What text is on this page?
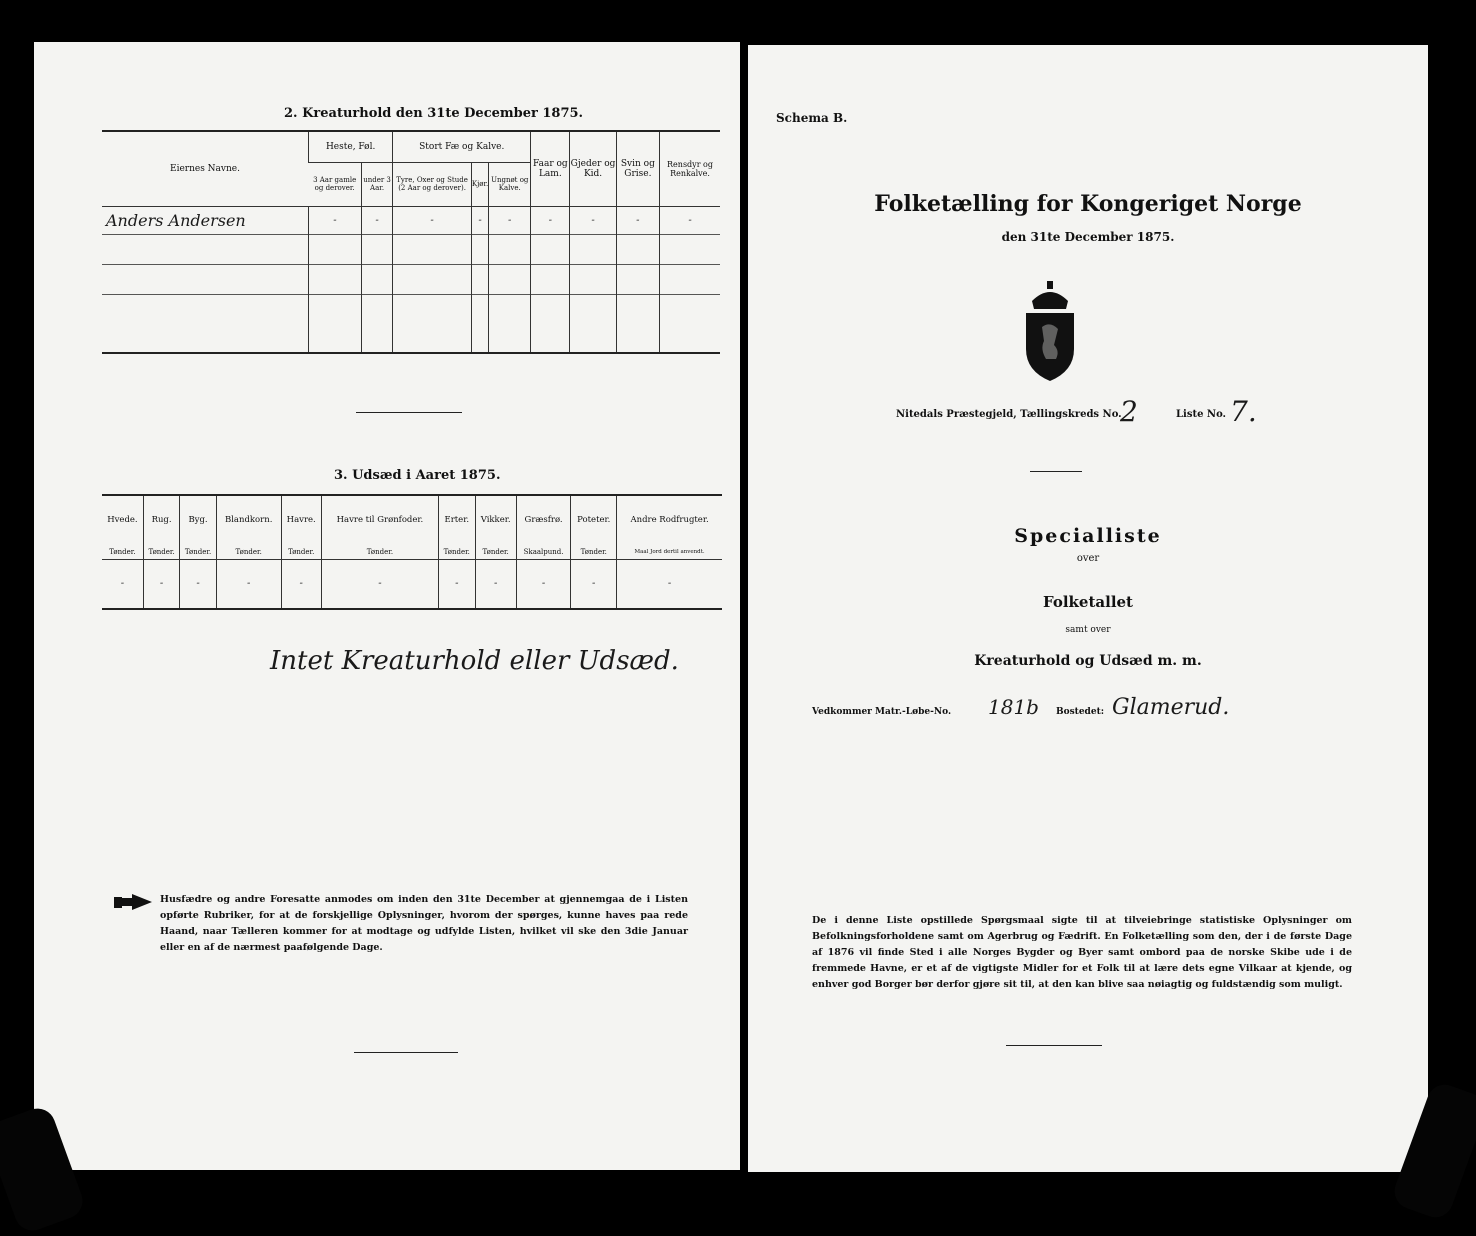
2. Kreaturhold den 31te December 1875.
Eiernes Navne.	Heste, Føl.		Stort Fæ og Kalve.			Faar og Lam.	Gjeder og Kid.	Svin og Grise.	Rensdyr og Renkalve.
	3 Aar gamle og derover.	under 3 Aar.	Tyre, Oxer og Stude (2 Aar og derover).	Kjør.	Ungnøt og Kalve.				
Anders Andersen	-	-	-	-	-	-	-	-	-

3. Udsæd i Aaret 1875.
Hvede.	Rug.	Byg.	Blandkorn.	Havre.	Havre til Grønfoder.	Erter.	Vikker.	Græsfrø.	Poteter.	Andre Rodfrugter.
Tønder.	Tønder.	Tønder.	Tønder.	Tønder.	Tønder.	Tønder.	Tønder.	Skaalpund.	Tønder.	Maal Jord dertil anvendt.
-	-	-	-	-	-	-	-	-	-	-
Intet Kreaturhold eller Udsæd.
Husfædre og andre Foresatte anmodes om inden den 31te December at gjennemgaa de i Listen opførte Rubriker, for at de forskjellige Oplysninger, hvorom der spørges, kunne haves paa rede Haand, naar Tælleren kommer for at modtage og udfylde Listen, hvilket vil ske den 3die Januar eller en af de nærmest paafølgende Dage.
Schema B.
Folketælling for Kongeriget Norge
den 31te December 1875.
Nitedals Præstegjeld, Tællingskreds No.
2	Liste No. 7.
Specialliste
over
Folketallet
samt over
Kreaturhold og Udsæd m. m.
Vedkommer Matr.-Løbe-No. 181b Bostedet: Glamerud.
De i denne Liste opstillede Spørgsmaal sigte til at tilveiebringe statistiske Oplysninger om Befolkningsforholdene samt om Agerbrug og Fædrift. En Folketælling som den, der i de første Dage af 1876 vil finde Sted i alle Norges Bygder og Byer samt ombord paa de norske Skibe ude i de fremmede Havne, er et af de vigtigste Midler for et Folk til at lære dets egne Vilkaar at kjende, og enhver god Borger bør derfor gjøre sit til, at den kan blive saa nøiagtig og fuldstændig som muligt.
